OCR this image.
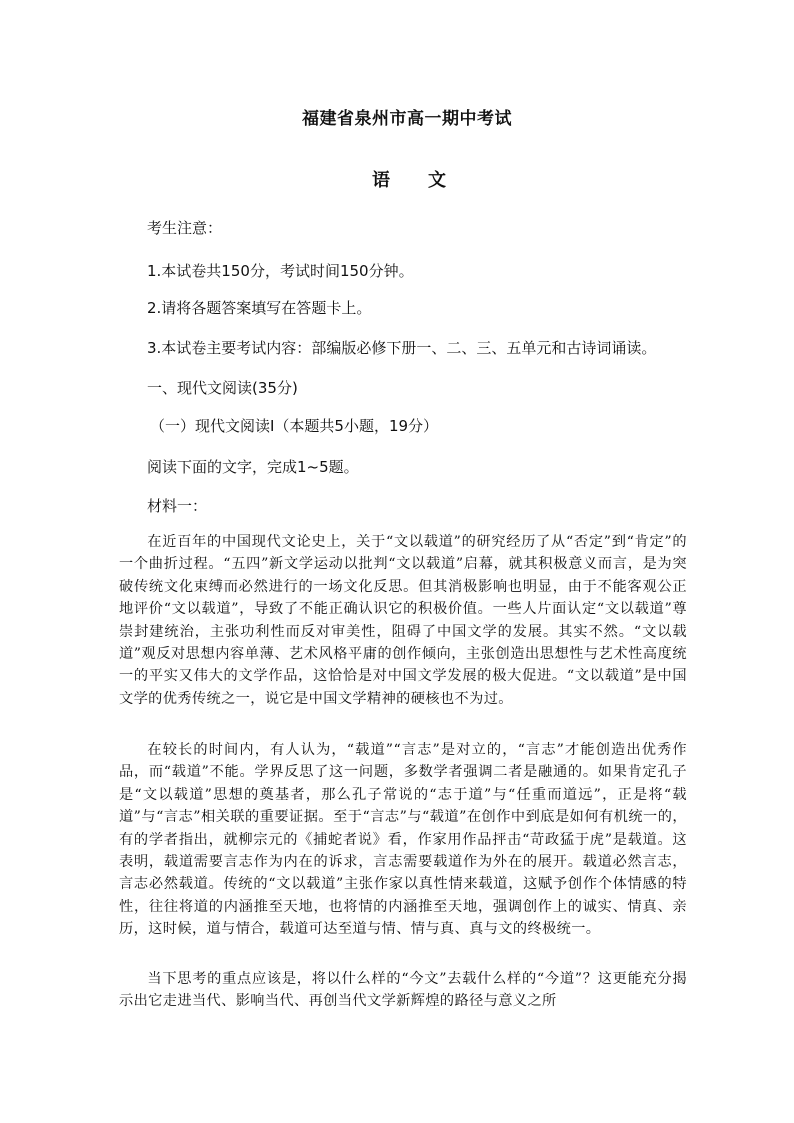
福建省泉州市高一期中考试
语文
考生注意：
1.本试卷共150分，考试时间150分钟。
2.请将各题答案填写在答题卡上。
3.本试卷主要考试内容：部编版必修下册一、二、三、五单元和古诗词诵读。
一、现代文阅读(35分)
（一）现代文阅读Ⅰ（本题共5小题，19分）
阅读下面的文字，完成1~5题。
材料一：

在近百年的中国现代文论史上，关于“文以载道”的研究经历了从“否定”到“肯定”的一个曲折过程。“五四”新文学运动以批判“文以载道”启幕，就其积极意义而言，是为突破传统文化束缚而必然进行的一场文化反思。但其消极影响也明显，由于不能客观公正地评价“文以载道”，导致了不能正确认识它的积极价值。一些人片面认定“文以载道”尊崇封建统治，主张功利性而反对审美性，阻碍了中国文学的发展。其实不然。“文以载道”观反对思想内容单薄、艺术风格平庸的创作倾向，主张创造出思想性与艺术性高度统一的平实又伟大的文学作品，这恰恰是对中国文学发展的极大促进。“文以载道”是中国文学的优秀传统之一，说它是中国文学精神的硬核也不为过。

在较长的时间内，有人认为，“载道”“言志”是对立的，“言志”才能创造出优秀作品，而“载道”不能。学界反思了这一问题，多数学者强调二者是融通的。如果肯定孔子是“文以载道”思想的奠基者，那么孔子常说的“志于道”与“任重而道远”，正是将“载道”与“言志”相关联的重要证据。至于“言志”与“载道”在创作中到底是如何有机统一的，有的学者指出，就柳宗元的《捕蛇者说》看，作家用作品抨击“苛政猛于虎”是载道。这表明，载道需要言志作为内在的诉求，言志需要载道作为外在的展开。载道必然言志，言志必然载道。传统的“文以载道”主张作家以真性情来载道，这赋予创作个体情感的特性，往往将道的内涵推至天地，也将情的内涵推至天地，强调创作上的诚实、情真、亲历，这时候，道与情合，载道可达至道与情、情与真、真与文的终极统一。

当下思考的重点应该是，将以什么样的“今文”去载什么样的“今道”？这更能充分揭示出它走进当代、影响当代、再创当代文学新辉煌的路径与意义之所
